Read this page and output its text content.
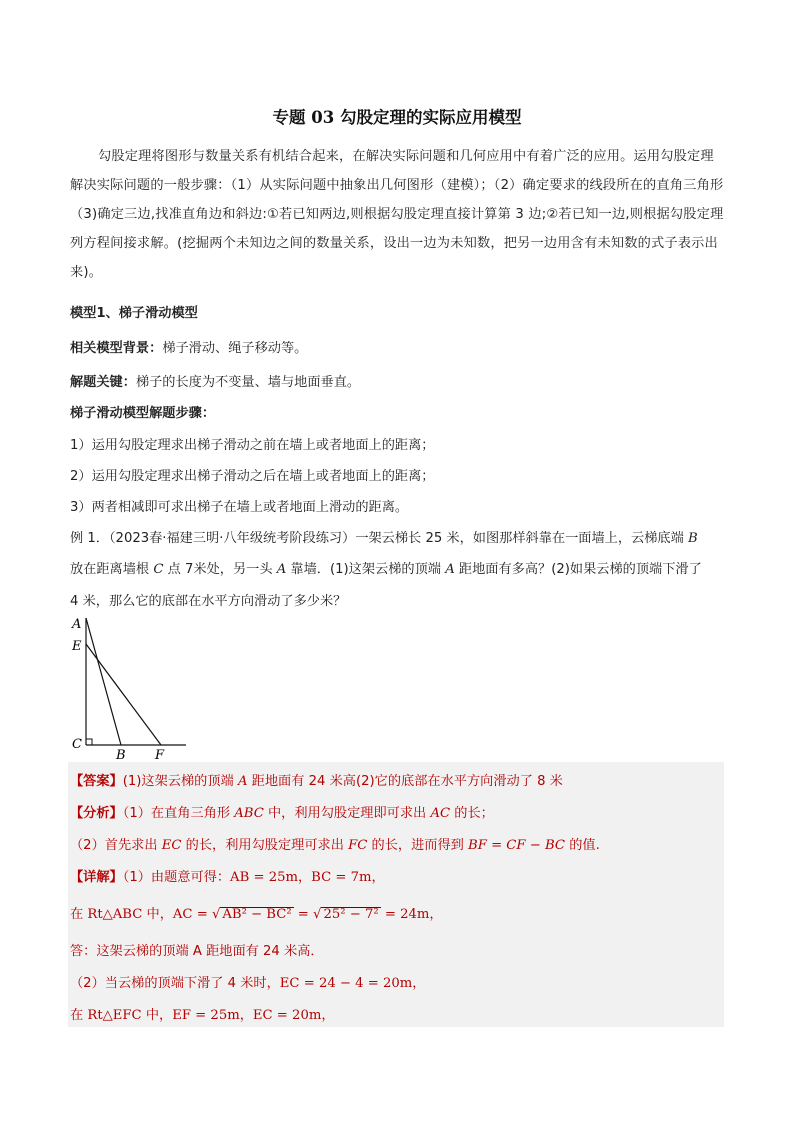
专题 03 勾股定理的实际应用模型
勾股定理将图形与数量关系有机结合起来，在解决实际问题和几何应用中有着广泛的应用。运用勾股定理解决实际问题的一般步骤：（1）从实际问题中抽象出几何图形（建模）；（2）确定要求的线段所在的直角三角形（3)确定三边,找准直角边和斜边:①若已知两边,则根据勾股定理直接计算第 3 边;②若已知一边,则根据勾股定理列方程间接求解。(挖掘两个未知边之间的数量关系，设出一边为未知数，把另一边用含有未知数的式子表示出来)。
模型1、梯子滑动模型
相关模型背景：梯子滑动、绳子移动等。
解题关键：梯子的长度为不变量、墙与地面垂直。
梯子滑动模型解题步骤：
1）运用勾股定理求出梯子滑动之前在墙上或者地面上的距离；
2）运用勾股定理求出梯子滑动之后在墙上或者地面上的距离；
3）两者相减即可求出梯子在墙上或者地面上滑动的距离。
例 1．（2023春·福建三明·八年级统考阶段练习）一架云梯长 25 米，如图那样斜靠在一面墙上，云梯底端 B
放在距离墙根 C 点 7米处，另一头 A 靠墙．(1)这架云梯的顶端 A 距地面有多高？(2)如果云梯的顶端下滑了
4 米，那么它的底部在水平方向滑动了多少米？
A
E
C
B F
【答案】(1)这架云梯的顶端 A 距地面有 24 米高(2)它的底部在水平方向滑动了 8 米
【分析】（1）在直角三角形 ABC 中，利用勾股定理即可求出 AC 的长；
（2）首先求出 EC 的长，利用勾股定理可求出 FC 的长，进而得到 BF = CF − BC 的值.
【详解】（1）由题意可得：AB = 25m，BC = 7m，
在 Rt△ABC 中，AC = √ AB² − BC² = √ 25² − 7² = 24m，
答：这架云梯的顶端 A 距地面有 24 米高．
（2）当云梯的顶端下滑了 4 米时，EC = 24 − 4 = 20m，
在 Rt△EFC 中，EF = 25m，EC = 20m，
